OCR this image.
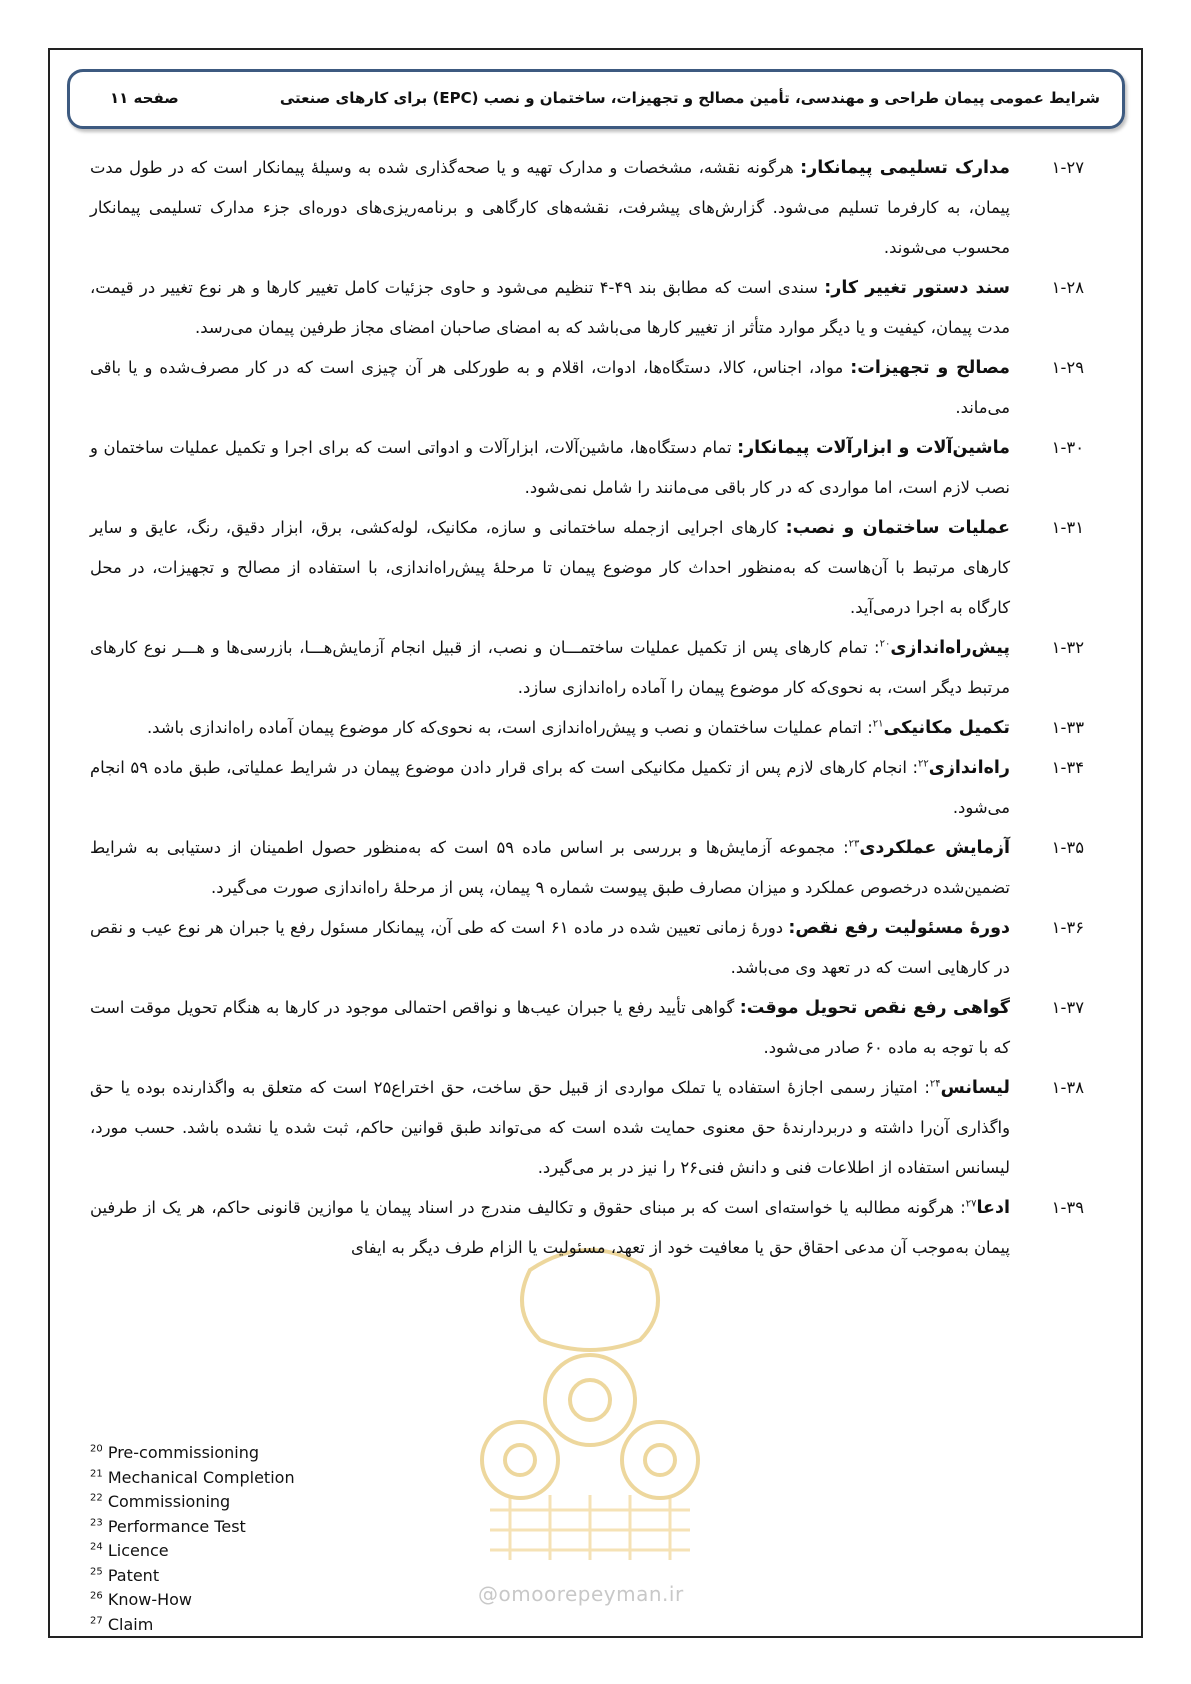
شرایط عمومی پیمان طراحی و مهندسی، تأمین مصالح و تجهیزات، ساختمان و نصب (EPC) برای کارهای صنعتی
صفحه ۱۱

۱-۲۷
مدارک تسلیمی پیمانکار: هرگونه نقشه، مشخصات و مدارک تهیه و یا صحه‌گذاری شده به وسیلۀ پیمانکار است که در طول مدت پیمان، به کارفرما تسلیم می‌شود. گزارش‌های پیشرفت، نقشه‌های کارگاهی و برنامه‌ریزی‌های دوره‌ای جزء مدارک تسلیمی پیمانکار محسوب می‌شوند.

۱-۲۸
سند دستور تغییر کار: سندی است که مطابق بند ۴۹-۴ تنظیم می‌شود و حاوی جزئیات کامل تغییر کارها و هر نوع تغییر در قیمت، مدت پیمان، کیفیت و یا دیگر موارد متأثر از تغییر کارها می‌باشد که به امضای صاحبان امضای مجاز طرفین پیمان می‌رسد.

۱-۲۹
مصالح و تجهیزات: مواد، اجناس، کالا، دستگاه‌ها، ادوات، اقلام و به طورکلی هر آن چیزی است که در کار مصرف‌شده و یا باقی می‌ماند.

۱-۳۰
ماشین‌آلات و ابزارآلات پیمانکار: تمام دستگاه‌ها، ماشین‌آلات، ابزارآلات و ادواتی است که برای اجرا و تکمیل عملیات ساختمان و نصب لازم است، اما مواردی که در کار باقی می‌مانند را شامل نمی‌شود.

۱-۳۱
عملیات ساختمان و نصب: کارهای اجرایی ازجمله ساختمانی و سازه، مکانیک، لوله‌کشی، برق، ابزار دقیق، رنگ، عایق و سایر کارهای مرتبط با آن‌هاست که به‌منظور احداث کار موضوع پیمان تا مرحلۀ پیش‌راه‌اندازی، با استفاده از مصالح و تجهیزات، در محل کارگاه به اجرا درمی‌آید.

۱-۳۲
پیش‌راه‌اندازی$^{۲۰}$: تمام کارهای پس از تکمیل عملیات ساختمـــان و نصب، از قبیل انجام آزمایش‌هـــا، بازرسی‌ها و هـــر نوع کارهای مرتبط دیگر است، به نحوی‌که کار موضوع پیمان را آماده راه‌اندازی سازد.

۱-۳۳
تکمیل مکانیکی$^{۲۱}$: اتمام عملیات ساختمان و نصب و پیش‌راه‌اندازی است، به نحوی‌که کار موضوع پیمان آماده راه‌اندازی باشد.

۱-۳۴
راه‌اندازی$^{۲۲}$: انجام کارهای لازم پس از تکمیل مکانیکی است که برای قرار دادن موضوع پیمان در شرایط عملیاتی، طبق ماده ۵۹ انجام می‌شود.

۱-۳۵
آزمایش عملکردی$^{۲۳}$: مجموعه آزمایش‌ها و بررسی بر اساس ماده ۵۹ است که به‌منظور حصول اطمینان از دستیابی به شرایط تضمین‌شده درخصوص عملکرد و میزان مصارف طبق پیوست شماره ۹ پیمان، پس از مرحلۀ راه‌اندازی صورت می‌گیرد.

۱-۳۶
دورۀ مسئولیت رفع نقص: دورۀ زمانی تعیین شده در ماده ۶۱ است که طی آن، پیمانکار مسئول رفع یا جبران هر نوع عیب و نقص در کارهایی است که در تعهد وی می‌باشد.

۱-۳۷
گواهی رفع نقص تحویل موقت: گواهی تأیید رفع یا جبران عیب‌ها و نواقص احتمالی موجود در کارها به هنگام تحویل موقت است که با توجه به ماده ۶۰ صادر می‌شود.

۱-۳۸
لیسانس$^{۲۴}$: امتیاز رسمی اجازۀ استفاده یا تملک مواردی از قبیل حق ساخت، حق اختراع۲۵ است که متعلق به واگذارنده بوده یا حق واگذاری آن‌را داشته و دربردارندۀ حق معنوی حمایت شده است که می‌تواند طبق قوانین حاکم، ثبت شده یا نشده باشد. حسب مورد، لیسانس استفاده از اطلاعات فنی و دانش فنی۲۶ را نیز در بر می‌گیرد.

۱-۳۹
ادعا$^{۲۷}$: هرگونه مطالبه یا خواسته‌ای است که بر مبنای حقوق و تکالیف مندرج در اسناد پیمان یا موازین قانونی حاکم، هر یک از طرفین پیمان به‌موجب آن مدعی احقاق حق یا معافیت خود از تعهد، مسئولیت یا الزام طرف دیگر به ایفای

@omoorepeyman.ir
$^{20}$ Pre-commissioning
$^{21}$ Mechanical Completion
$^{22}$ Commissioning
$^{23}$ Performance Test
$^{24}$ Licence
$^{25}$ Patent
$^{26}$ Know-How
$^{27}$ Claim
